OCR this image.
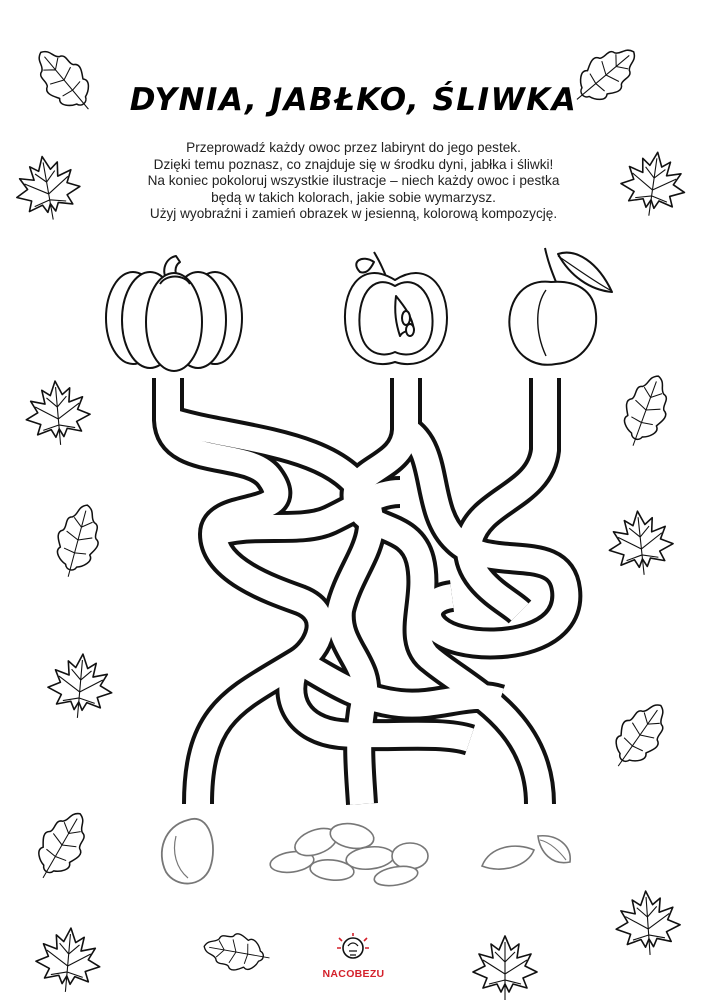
DYNIA, JABŁKO, ŚLIWKA
Przeprowadź każdy owoc przez labirynt do jego pestek.
Dzięki temu poznasz, co znajduje się w środku dyni, jabłka i śliwki!
Na koniec pokoloruj wszystkie ilustracje – niech każdy owoc i pestka
będą w takich kolorach, jakie sobie wymarzysz.
Użyj wyobraźni i zamień obrazek w jesienną, kolorową kompozycję.
NACOBEZU
